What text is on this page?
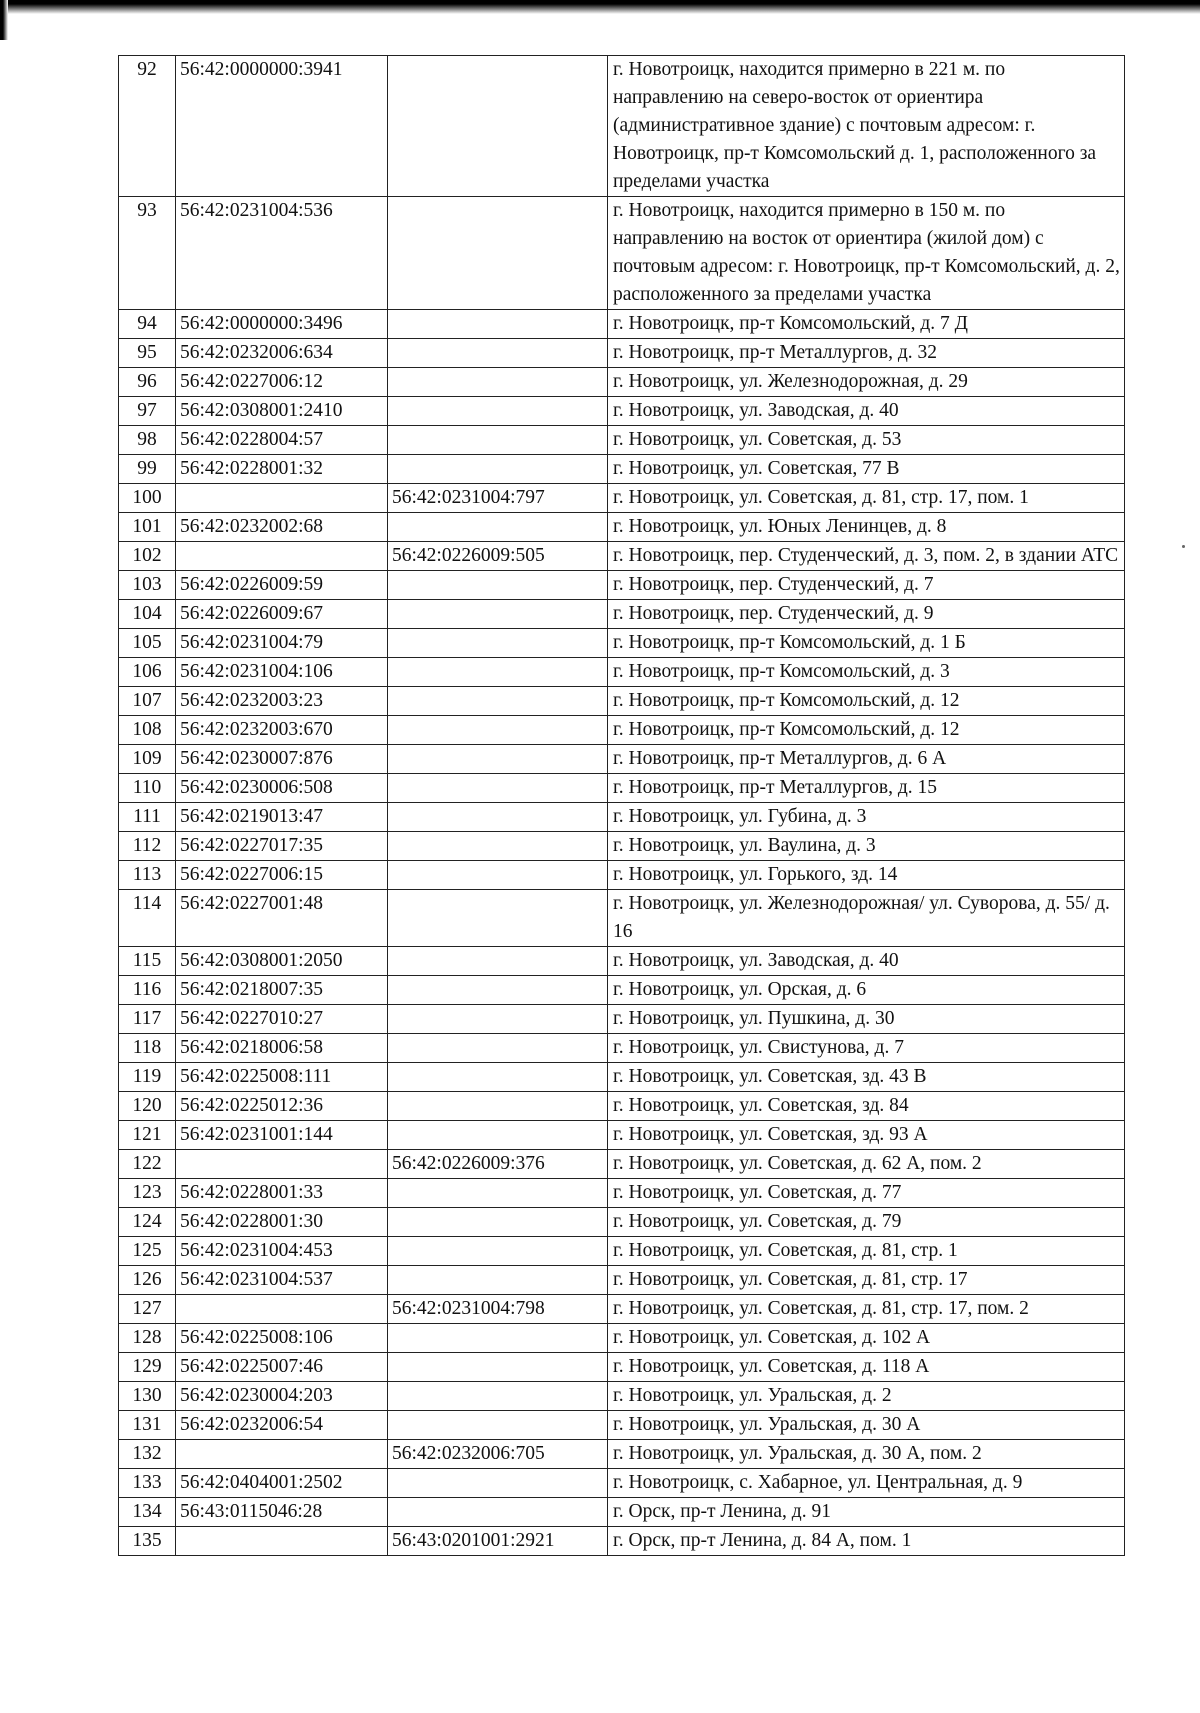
92	56:42:0000000:3941		г. Новотроицк, находится примерно в 221 м. по направлению на северо-восток от ориентира (административное здание) с почтовым адресом: г. Новотроицк, пр-т Комсомольский д. 1, расположенного за пределами участка
93	56:42:0231004:536		г. Новотроицк, находится примерно в 150 м. по направлению на восток от ориентира (жилой дом) с почтовым адресом: г. Новотроицк, пр-т Комсомольский, д. 2, расположенного за пределами участка
94	56:42:0000000:3496		г. Новотроицк, пр-т Комсомольский, д. 7 Д
95	56:42:0232006:634		г. Новотроицк, пр-т Металлургов, д. 32
96	56:42:0227006:12		г. Новотроицк, ул. Железнодорожная, д. 29
97	56:42:0308001:2410		г. Новотроицк, ул. Заводская, д. 40
98	56:42:0228004:57		г. Новотроицк, ул. Советская, д. 53
99	56:42:0228001:32		г. Новотроицк, ул. Советская, 77 В
100		56:42:0231004:797	г. Новотроицк, ул. Советская, д. 81, стр. 17, пом. 1
101	56:42:0232002:68		г. Новотроицк, ул. Юных Ленинцев, д. 8
102		56:42:0226009:505	г. Новотроицк, пер. Студенческий, д. 3, пом. 2, в здании АТС
103	56:42:0226009:59		г. Новотроицк, пер. Студенческий, д. 7
104	56:42:0226009:67		г. Новотроицк, пер. Студенческий, д. 9
105	56:42:0231004:79		г. Новотроицк, пр-т Комсомольский, д. 1 Б
106	56:42:0231004:106		г. Новотроицк, пр-т Комсомольский, д. 3
107	56:42:0232003:23		г. Новотроицк, пр-т Комсомольский, д. 12
108	56:42:0232003:670		г. Новотроицк, пр-т Комсомольский, д. 12
109	56:42:0230007:876		г. Новотроицк, пр-т Металлургов, д. 6 А
110	56:42:0230006:508		г. Новотроицк, пр-т Металлургов, д. 15
111	56:42:0219013:47		г. Новотроицк, ул. Губина, д. 3
112	56:42:0227017:35		г. Новотроицк, ул. Ваулина, д. 3
113	56:42:0227006:15		г. Новотроицк, ул. Горького, зд. 14
114	56:42:0227001:48		г. Новотроицк, ул. Железнодорожная/ ул. Суворова, д. 55/ д. 16
115	56:42:0308001:2050		г. Новотроицк, ул. Заводская, д. 40
116	56:42:0218007:35		г. Новотроицк, ул. Орская, д. 6
117	56:42:0227010:27		г. Новотроицк, ул. Пушкина, д. 30
118	56:42:0218006:58		г. Новотроицк, ул. Свистунова, д. 7
119	56:42:0225008:111		г. Новотроицк, ул. Советская, зд. 43 В
120	56:42:0225012:36		г. Новотроицк, ул. Советская, зд. 84
121	56:42:0231001:144		г. Новотроицк, ул. Советская, зд. 93 А
122		56:42:0226009:376	г. Новотроицк, ул. Советская, д. 62 А, пом. 2
123	56:42:0228001:33		г. Новотроицк, ул. Советская, д. 77
124	56:42:0228001:30		г. Новотроицк, ул. Советская, д. 79
125	56:42:0231004:453		г. Новотроицк, ул. Советская, д. 81, стр. 1
126	56:42:0231004:537		г. Новотроицк, ул. Советская, д. 81, стр. 17
127		56:42:0231004:798	г. Новотроицк, ул. Советская, д. 81, стр. 17, пом. 2
128	56:42:0225008:106		г. Новотроицк, ул. Советская, д. 102 А
129	56:42:0225007:46		г. Новотроицк, ул. Советская, д. 118 А
130	56:42:0230004:203		г. Новотроицк, ул. Уральская, д. 2
131	56:42:0232006:54		г. Новотроицк, ул. Уральская, д. 30 А
132		56:42:0232006:705	г. Новотроицк, ул. Уральская, д. 30 А, пом. 2
133	56:42:0404001:2502		г. Новотроицк, с. Хабарное, ул. Центральная, д. 9
134	56:43:0115046:28		г. Орск, пр-т Ленина, д. 91
135		56:43:0201001:2921	г. Орск, пр-т Ленина, д. 84 А, пом. 1
